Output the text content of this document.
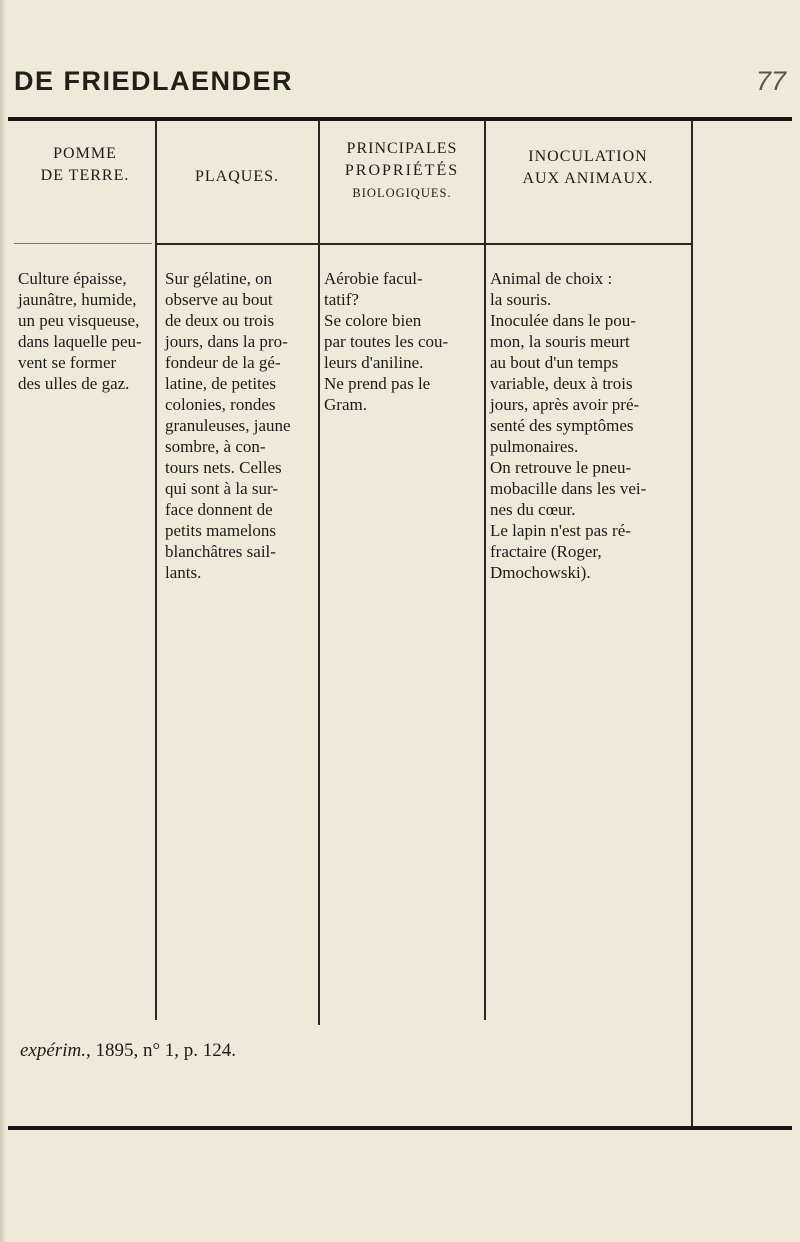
DE FRIEDLAENDER	77
POMME
DE TERRE.	PLAQUES.
PRINCIPALES
PROPRIÉTÉS
BIOLOGIQUES.
INOCULATION
AUX ANIMAUX.
Culture épaisse,
jaunâtre, humide,
un peu visqueuse,
dans laquelle peu-
vent se former
des ulles de gaz.
Sur gélatine, on
observe au bout
de deux ou trois
jours, dans la pro-
fondeur de la gé-
latine, de petites
colonies, rondes
granuleuses, jaune
sombre, à con-
tours nets. Celles
qui sont à la sur-
face donnent de
petits mamelons
blanchâtres sail-
lants.
Aérobie facul-
tatif?
Se colore bien
par toutes les cou-
leurs d'aniline.
Ne prend pas le
Gram.
Animal de choix :
la souris.
Inoculée dans le pou-
mon, la souris meurt
au bout d'un temps
variable, deux à trois
jours, après avoir pré-
senté des symptômes
pulmonaires.
On retrouve le pneu-
mobacille dans les vei-
nes du cœur.
Le lapin n'est pas ré-
fractaire (Roger,
Dmochowski).
expérim., 1895, n° 1, p. 124.
